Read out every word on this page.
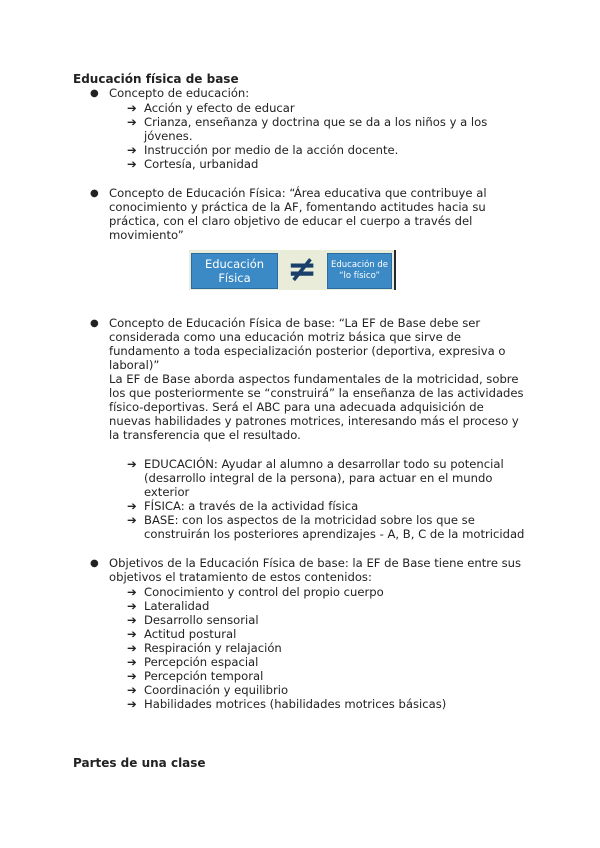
Educación física de base
● Concepto de educación:
➔ Acción y efecto de educar
➔ Crianza, enseñanza y doctrina que se da a los niños y a los
jóvenes.
➔ Instrucción por medio de la acción docente.
➔ Cortesía, urbanidad
● Concepto de Educación Física: “Área educativa que contribuye al
conocimiento y práctica de la AF, fomentando actitudes hacia su
práctica, con el claro objetivo de educar el cuerpo a través del
movimiento”
Educación
Física	≠	Educación de
“lo físico”
● Concepto de Educación Física de base: “La EF de Base debe ser
considerada como una educación motriz básica que sirve de
fundamento a toda especialización posterior (deportiva, expresiva o
laboral)”
La EF de Base aborda aspectos fundamentales de la motricidad, sobre
los que posteriormente se “construirá” la enseñanza de las actividades
físico-deportivas. Será el ABC para una adecuada adquisición de
nuevas habilidades y patrones motrices, interesando más el proceso y
la transferencia que el resultado.
➔ EDUCACIÓN: Ayudar al alumno a desarrollar todo su potencial
(desarrollo integral de la persona), para actuar en el mundo
exterior
➔ FÍSICA: a través de la actividad física
➔ BASE: con los aspectos de la motricidad sobre los que se
construirán los posteriores aprendizajes - A, B, C de la motricidad
● Objetivos de la Educación Física de base: la EF de Base tiene entre sus
objetivos el tratamiento de estos contenidos:
➔ Conocimiento y control del propio cuerpo
➔ Lateralidad
➔ Desarrollo sensorial
➔ Actitud postural
➔ Respiración y relajación
➔ Percepción espacial
➔ Percepción temporal
➔ Coordinación y equilibrio
➔ Habilidades motrices (habilidades motrices básicas)
Partes de una clase
